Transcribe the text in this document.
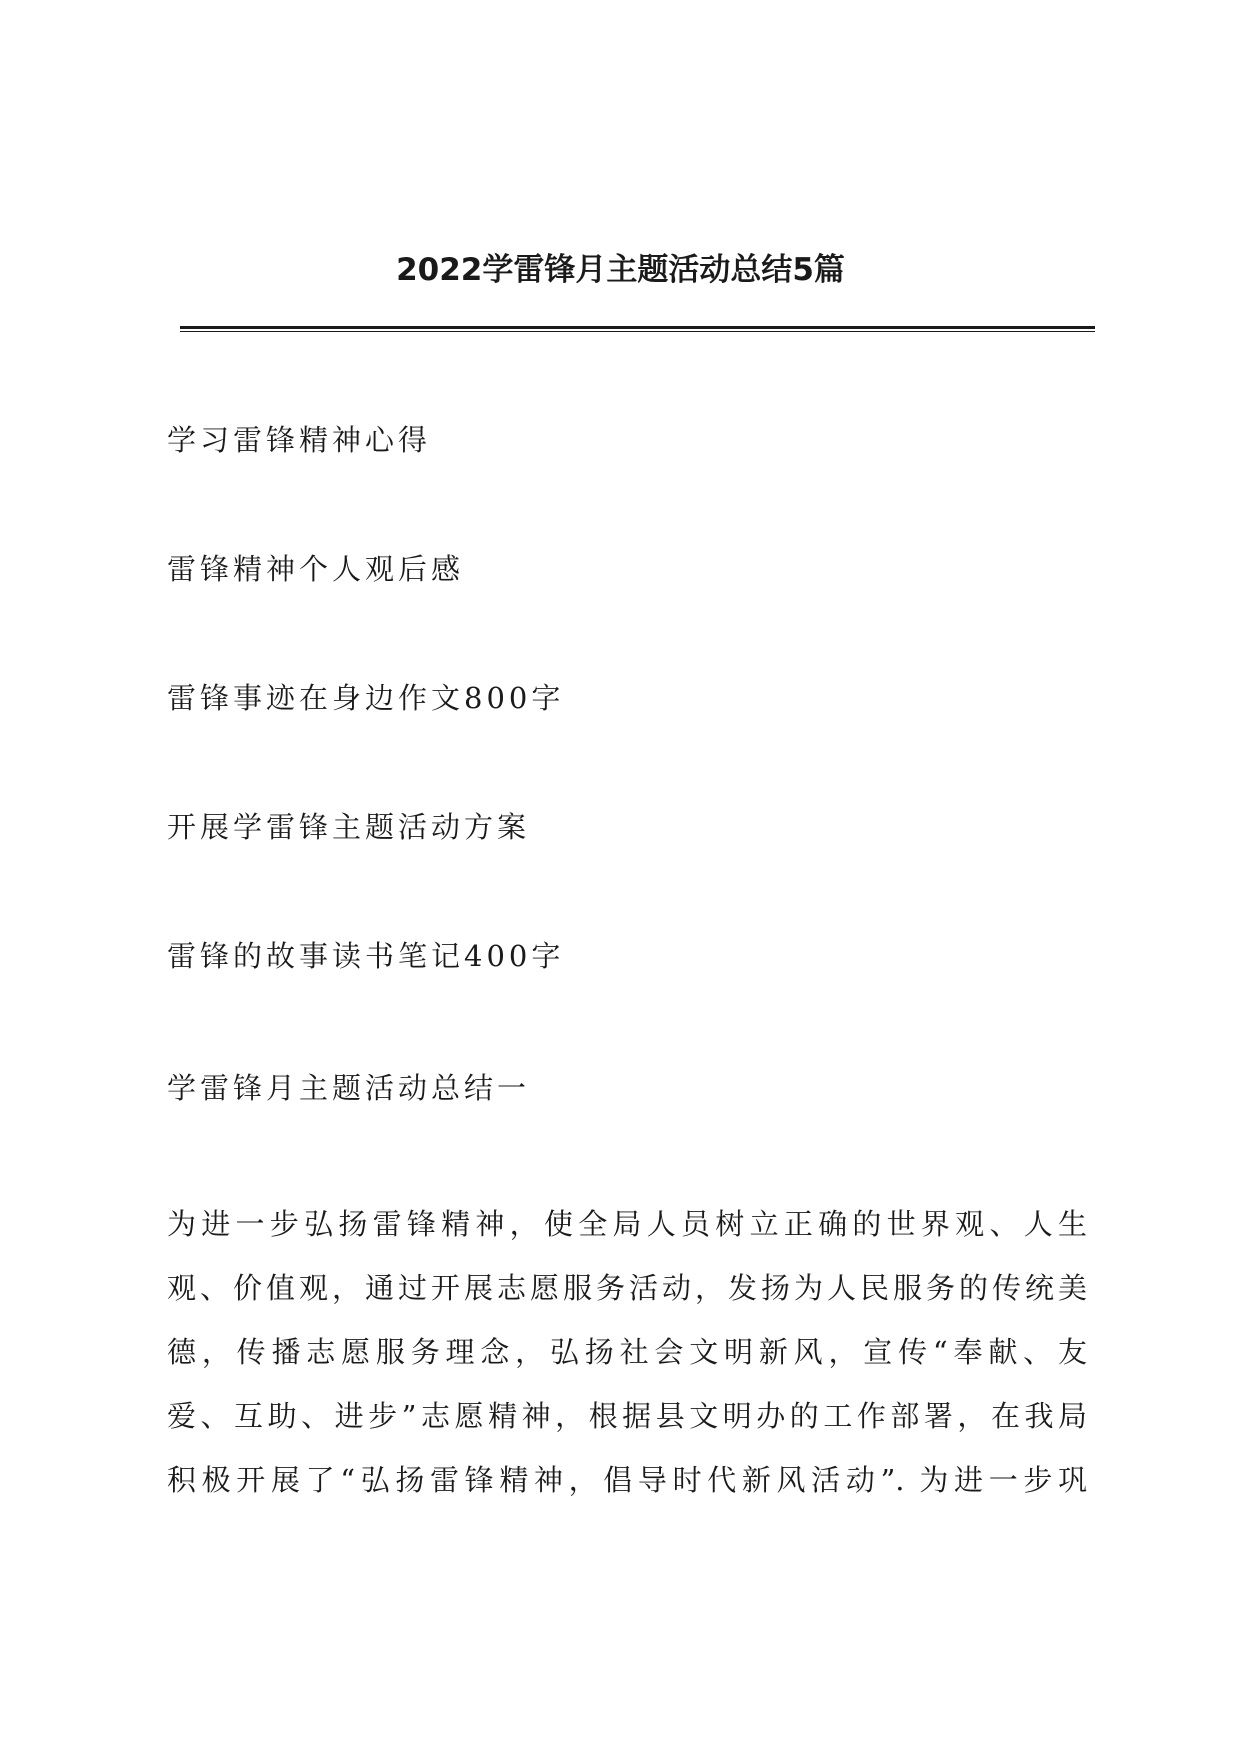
2022学雷锋月主题活动总结5篇
学习雷锋精神心得
雷锋精神个人观后感
雷锋事迹在身边作文800字
开展学雷锋主题活动方案
雷锋的故事读书笔记400字
学雷锋月主题活动总结一
为进一步弘扬雷锋精神，使全局人员树立正确的世界观、人生
观、价值观，通过开展志愿服务活动，发扬为人民服务的传统美
德，传播志愿服务理念，弘扬社会文明新风，宣传“奉献、友
爱、互助、进步”志愿精神，根据县文明办的工作部署，在我局
积极开展了“弘扬雷锋精神，倡导时代新风活动”. 为进一步巩
